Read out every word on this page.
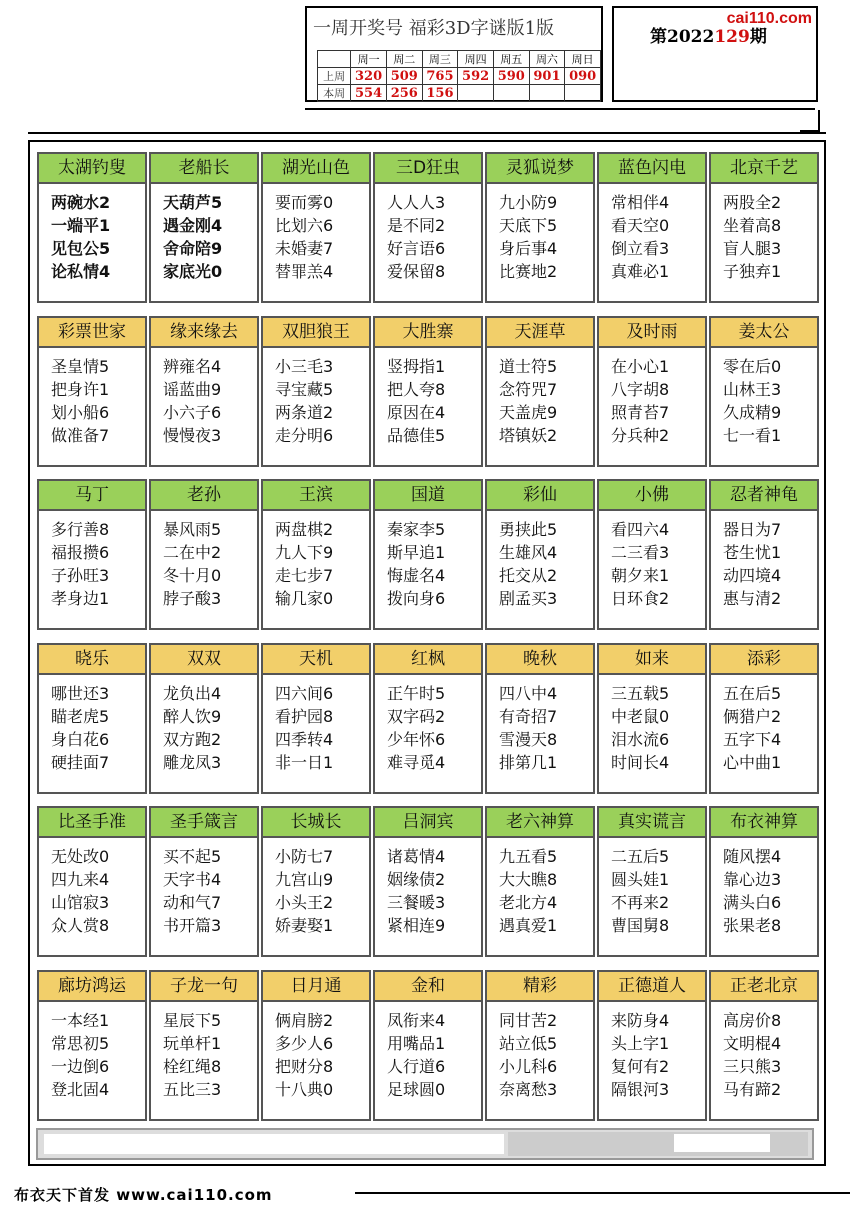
一周开奖号 福彩3D字谜版1版
	周一	周二	周三	周四	周五	周六	周日
上周	320	509	765	592	590	901	090
本周	554	256	156				
cai110.com
第2022129期
太湖钓叟
两碗水2
一端平1
见包公5
论私情4
老船长
天葫芦5
遇金刚4
舍命陪9
家底光0
湖光山色
要而雾0
比划六6
未婚妻7
替罪羔4
三D狂虫
人人人3
是不同2
好言语6
爱保留8
灵狐说梦
九小防9
天底下5
身后事4
比赛地2
蓝色闪电
常相伴4
看天空0
倒立看3
真难必1
北京千艺
两股全2
坐着高8
盲人腿3
子独弃1
彩票世家
圣皇情5
把身许1
划小船6
做准备7
缘来缘去
辨雍名4
谣蓝曲9
小六子6
慢慢夜3
双胆狼王
小三毛3
寻宝藏5
两条道2
走分明6
大胜寨
竖拇指1
把人夸8
原因在4
品德佳5
天涯草
道士符5
念符咒7
天盖虎9
塔镇妖2
及时雨
在小心1
八字胡8
照青苔7
分兵种2
姜太公
零在后0
山林王3
久成精9
七一看1
马丁
多行善8
福报攒6
子孙旺3
孝身边1
老孙
暴风雨5
二在中2
冬十月0
脖子酸3
王滨
两盘棋2
九人下9
走七步7
输几家0
国道
秦家李5
斯早追1
悔虚名4
拨向身6
彩仙
勇挟此5
生雄风4
托交从2
剧孟买3
小佛
看四六4
二三看3
朝夕来1
日环食2
忍者神龟
器日为7
苍生忧1
动四境4
惠与清2
晓乐
哪世还3
瞄老虎5
身白花6
硬挂面7
双双
龙负出4
醉人饮9
双方跑2
雕龙凤3
天机
四六间6
看护园8
四季转4
非一日1
红枫
正午时5
双字码2
少年怀6
难寻觅4
晚秋
四八中4
有奇招7
雪漫天8
排第几1
如来
三五载5
中老鼠0
泪水流6
时间长4
添彩
五在后5
俩猎户2
五字下4
心中曲1
比圣手准
无处改0
四九来4
山馆寂3
众人赏8
圣手箴言
买不起5
天字书4
动和气7
书开篇3
长城长
小防七7
九宫山9
小头王2
娇妻娶1
吕洞宾
诸葛情4
姻缘债2
三餐暖3
紧相连9
老六神算
九五看5
大大瞧8
老北方4
遇真爱1
真实谎言
二五后5
圆头娃1
不再来2
曹国舅8
布衣神算
随风摆4
靠心边3
满头白6
张果老8
廊坊鸿运
一本经1
常思初5
一边倒6
登北固4
子龙一句
星辰下5
玩单杆1
栓红绳8
五比三3
日月通
俩肩膀2
多少人6
把财分8
十八典0
金和
凤衔来4
用嘴品1
人行道6
足球圆0
精彩
同甘苦2
站立低5
小儿科6
奈离愁3
正德道人
来防身4
头上字1
复何有2
隔银河3
正老北京
高房价8
文明棍4
三只熊3
马有蹄2
布衣天下首发 www.cai110.com
